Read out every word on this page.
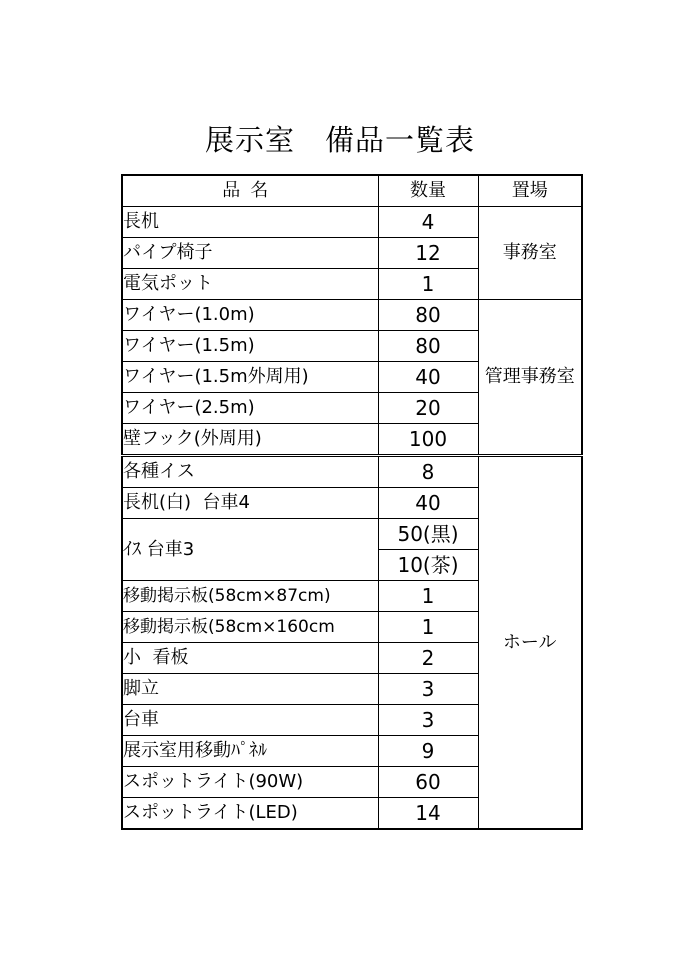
展示室　備品一覧表
品名	数量	置場
長机	4	事務室
パイプ椅子	12	
電気ポット	1	
ワイヤー(1.0m)	80	管理事務室
ワイヤー(1.5m)	80	
ワイヤー(1.5m外周用)	40	
ワイヤー(2.5m)	20	
壁フック(外周用)	100	
各種イス	8	ホール
長机(白)  台車4	40	
ｲｽ 台車3	50(黒)	
	10(茶)	
移動掲示板(58cm×87cm)	1	
移動掲示板(58cm×160cm	1	
小  看板	2	
脚立	3	
台車	3	
展示室用移動ﾊﾟﾈﾙ	9	
スポットライト(90W)	60	
スポットライト(LED)	14	
